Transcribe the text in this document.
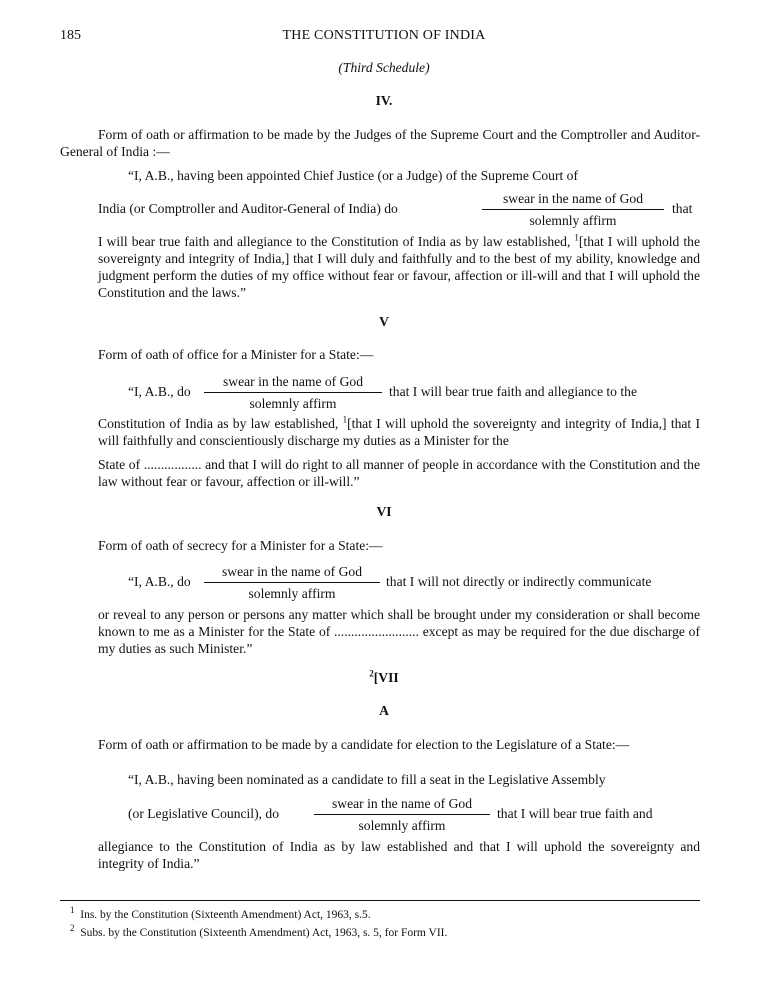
185	THE CONSTITUTION OF INDIA
(Third Schedule)
IV.

Form of oath or affirmation to be made by the Judges of the Supreme Court and the Comptroller and Auditor-General of India :—

“I, A.B., having been appointed Chief Justice (or a Judge) of the Supreme Court of
India (or Comptroller and Auditor-General of India) do
swear in the name of God
solemnly affirm
that

I will bear true faith and allegiance to the Constitution of India as by law established, $^1$[that I will uphold the sovereignty and integrity of India,] that I will duly and faithfully and to the best of my ability, knowledge and judgment perform the duties of my office without fear or favour, affection or ill-will and that I will uphold the Constitution and the laws.”

V
Form of oath of office for a Minister for a State:—
“I, A.B., do
swear in the name of God
solemnly affirm
that I will bear true faith and allegiance to the

Constitution of India as by law established, $^1$[that I will uphold the sovereignty and integrity of India,] that I will faithfully and conscientiously discharge my duties as a Minister for the

State of ................. and that I will do right to all manner of people in accordance with the Constitution and the law without fear or favour, affection or ill-will.”

VI
Form of oath of secrecy for a Minister for a State:—
“I, A.B., do
swear in the name of God
solemnly affirm
that I will not directly or indirectly communicate

or reveal to any person or persons any matter which shall be brought under my consideration or shall become known to me as a Minister for the State of ......................... except as may be required for the due discharge of my duties as such Minister.”

$^2$[VII
A

Form of oath or affirmation to be made by a candidate for election to the Legislature of a State:—

“I, A.B., having been nominated as a candidate to fill a seat in the Legislative Assembly
(or Legislative Council), do
swear in the name of God
solemnly affirm
that I will bear true faith and

allegiance to the Constitution of India as by law established and that I will uphold the sovereignty and integrity of India.”

$^1$ Ins. by the Constitution (Sixteenth Amendment) Act, 1963, s.5.
$^2$ Subs. by the Constitution (Sixteenth Amendment) Act, 1963, s. 5, for Form VII.
